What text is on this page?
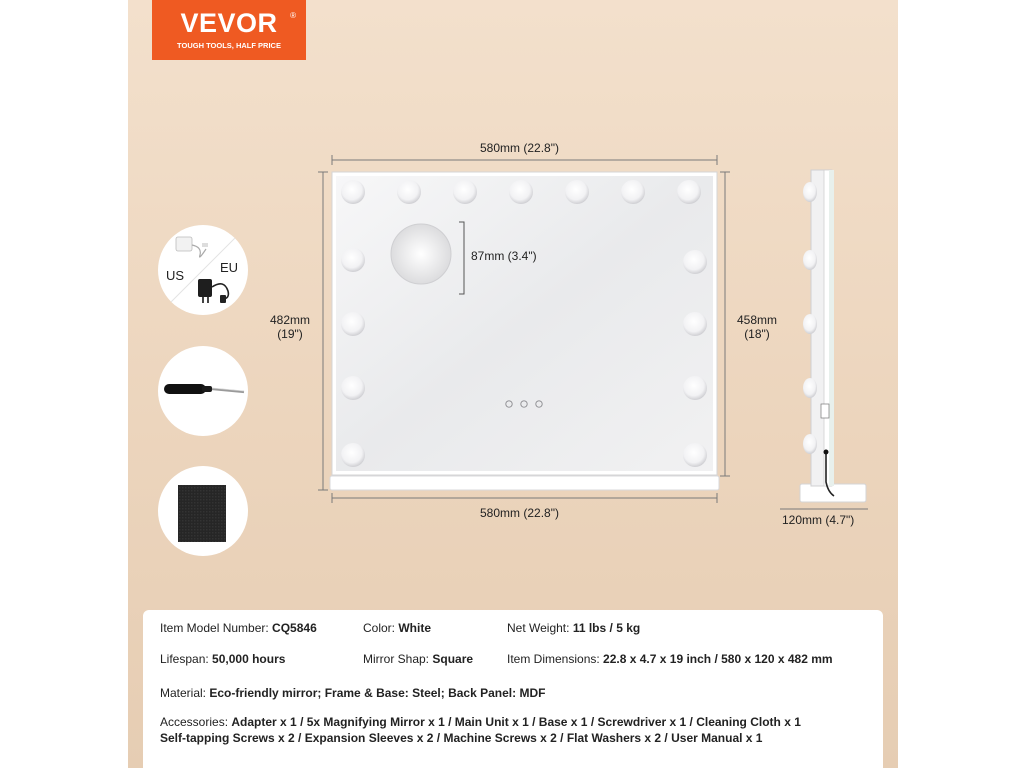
VEVOR	®
TOUGH TOOLS, HALF PRICE
US
EU
580mm (22.8")
482mm
(19")
458mm
(18")
87mm (3.4")
580mm (22.8")	120mm (4.7")
Item Model Number: CQ5846	Color: White	Net Weight: 11 lbs / 5 kg
Lifespan: 50,000 hours	Mirror Shap: Square	Item Dimensions: 22.8 x 4.7 x 19 inch / 580 x 120 x 482 mm
Material: Eco-friendly mirror; Frame & Base: Steel; Back Panel: MDF
Accessories: Adapter x 1 / 5x Magnifying Mirror x 1 / Main Unit x 1 / Base x 1 / Screwdriver x 1 / Cleaning Cloth x 1
Self-tapping Screws x 2 / Expansion Sleeves x 2 / Machine Screws x 2 / Flat Washers x 2 / User Manual x 1
